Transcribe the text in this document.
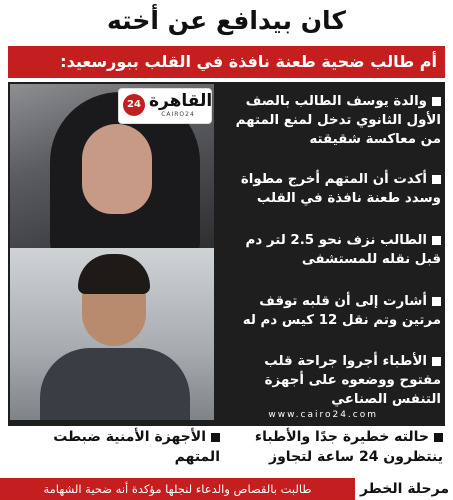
كان بيدافع عن أخته
أم طالب ضحية طعنة نافذة في القلب ببورسعيد:
24 القاهرة
CAIRO24
والدة يوسف الطالب بالصف الأول الثانوي تدخل لمنع المتهم من معاكسة شقيقته
أكدت أن المتهم أخرج مطواة وسدد طعنة نافذة في القلب
الطالب نزف نحو 2.5 لتر دم قبل نقله للمستشفى
أشارت إلى أن قلبه توقف مرتين وتم نقل 12 كيس دم له
الأطباء أجروا جراحة قلب مفتوح ووضعوه على أجهزة التنفس الصناعي
www.cairo24.com
حالته خطيرة جدًا والأطباء ينتظرون 24 ساعة لتجاوز
الأجهزة الأمنية ضبطت المتهم
مرحلة الخطر
طالبت بالقصاص والدعاء لنجلها مؤكدة أنه ضحية الشهامة
